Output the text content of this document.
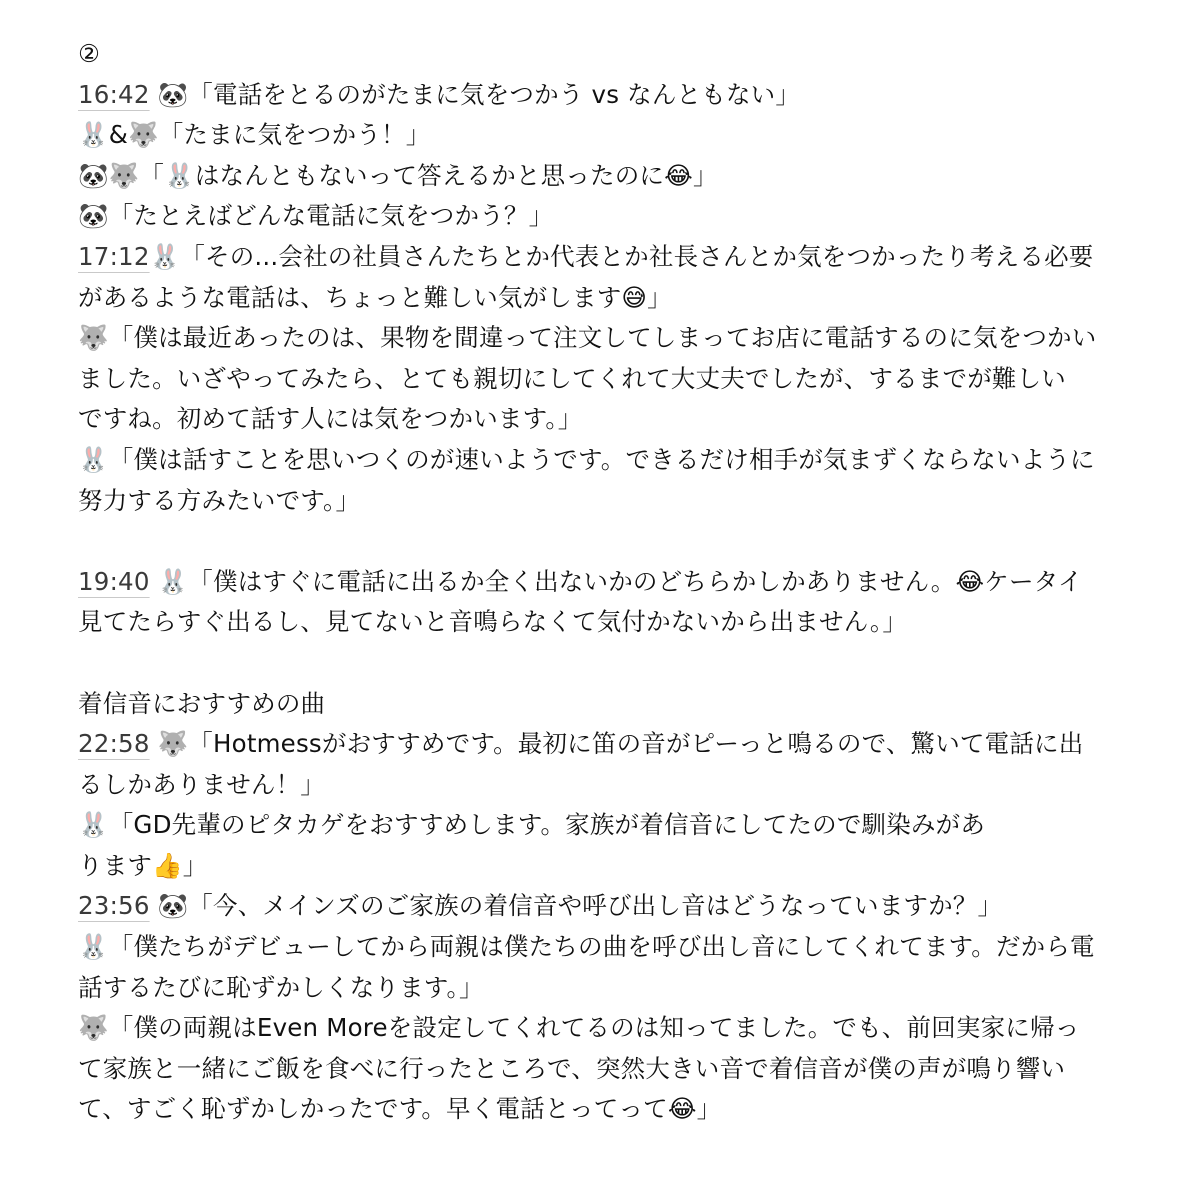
②
16:42 🐼「電話をとるのがたまに気をつかう vs なんともない」
🐰&🐺「たまに気をつかう！」
🐼🐺「🐰はなんともないって答えるかと思ったのに😂」
🐼「たとえばどんな電話に気をつかう？」
17:12🐰「その...会社の社員さんたちとか代表とか社長さんとか気をつかったり考える必要
があるような電話は、ちょっと難しい気がします😅」
🐺「僕は最近あったのは、果物を間違って注文してしまってお店に電話するのに気をつかい
ました。いざやってみたら、とても親切にしてくれて大丈夫でしたが、するまでが難しい
ですね。初めて話す人には気をつかいます。」
🐰「僕は話すことを思いつくのが速いようです。できるだけ相手が気まずくならないように
努力する方みたいです。」
19:40 🐰「僕はすぐに電話に出るか全く出ないかのどちらかしかありません。😂ケータイ
見てたらすぐ出るし、見てないと音鳴らなくて気付かないから出ません。」
着信音におすすめの曲
22:58 🐺「Hotmessがおすすめです。最初に笛の音がピーっと鳴るので、驚いて電話に出
るしかありません！」
🐰「GD先輩のピタカゲをおすすめします。家族が着信音にしてたので馴染みがあ
ります👍」
23:56 🐼「今、メインズのご家族の着信音や呼び出し音はどうなっていますか？」
🐰「僕たちがデビューしてから両親は僕たちの曲を呼び出し音にしてくれてます。だから電
話するたびに恥ずかしくなります。」
🐺「僕の両親はEven Moreを設定してくれてるのは知ってました。でも、前回実家に帰っ
て家族と一緒にご飯を食べに行ったところで、突然大きい音で着信音が僕の声が鳴り響い
て、すごく恥ずかしかったです。早く電話とってって😂」
